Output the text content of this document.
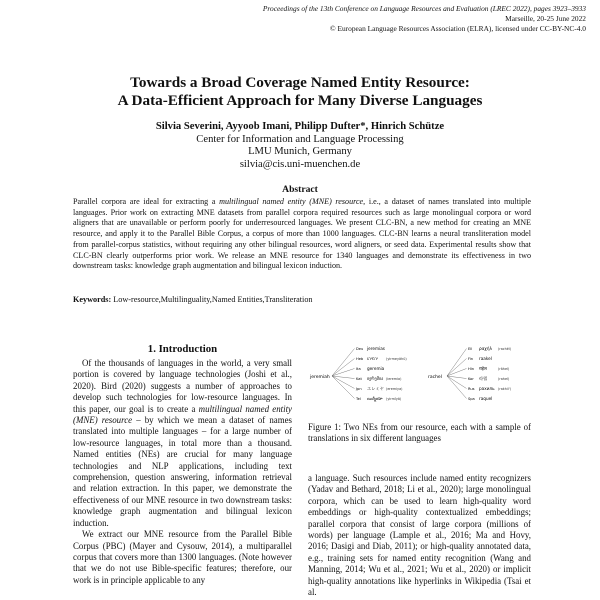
Proceedings of the 13th Conference on Language Resources and Evaluation (LREC 2022), pages 3923–3933
Marseille, 20-25 June 2022
© European Language Resources Association (ELRA), licensed under CC-BY-NC-4.0
Towards a Broad Coverage Named Entity Resource:
A Data-Efficient Approach for Many Diverse Languages
Silvia Severini, Ayyoob Imani, Philipp Dufter*, Hinrich Schütze
Center for Information and Language Processing
LMU Munich, Germany
silvia@cis.uni-muenchen.de
Abstract
Parallel corpora are ideal for extracting a multilingual named entity (MNE) resource, i.e., a dataset of names translated into multiple languages. Prior work on extracting MNE datasets from parallel corpora required resources such as large monolingual corpora or word aligners that are unavailable or perform poorly for underresourced languages. We present CLC-BN, a new method for creating an MNE resource, and apply it to the Parallel Bible Corpus, a corpus of more than 1000 languages. CLC-BN learns a neural transliteration model from parallel-corpus statistics, without requiring any other bilingual resources, word aligners, or seed data. Experimental results show that CLC-BN clearly outperforms prior work. We release an MNE resource for 1340 languages and demonstrate its effectiveness in two downstream tasks: knowledge graph augmentation and bilingual lexicon induction.
Keywords: Low-resource,Multilinguality,Named Entities,Transliteration
1. Introduction
Of the thousands of languages in the world, a very small portion is covered by language technologies (Joshi et al., 2020). Bird (2020) suggests a number of approaches to develop such technologies for low-resource languages. In this paper, our goal is to create a multilingual named entity (MNE) resource – by which we mean a dataset of names translated into multiple languages – for a large number of low-resource languages, in total more than a thousand. Named entities (NEs) are crucial for many language technologies and NLP applications, including text comprehension, question answering, information retrieval and relation extraction. In this paper, we demonstrate the effectiveness of our MNE resource in two downstream tasks: knowledge graph augmentation and bilingual lexicon induction.
We extract our MNE resource from the Parallel Bible Corpus (PBC) (Mayer and Cysouw, 2014), a multiparallel corpus that covers more than 1300 languages. (Note however that we do not use Bible-specific features; therefore, our work is in principle applicable to any
jeremiah
Deu jeremias
Heb ירמיהו (yirmeyāhū)
Ita geremia
Kat იერემია (ieremia)
Jpn エレミヤ (eremiya)
Tel యిర్మీయా (yirmīyā)
rachel
Ell ραχήλ (rachēl)
Fin raakel
Hin राहेल	(rāhel)
Kor 라헬	(rahel)
Rus рахиль (rakhil')
Spa raquel
Figure 1: Two NEs from our resource, each with a sample of translations in six different languages
a language. Such resources include named entity recognizers (Yadav and Bethard, 2018; Li et al., 2020); large monolingual corpora, which can be used to learn high-quality word embeddings or high-quality contextualized embeddings; parallel corpora that consist of large corpora (millions of words) per language (Lample et al., 2016; Ma and Hovy, 2016; Dasigi and Diab, 2011); or high-quality annotated data, e.g., training sets for named entity recognition (Wang and Manning, 2014; Wu et al., 2021; Wu et al., 2020) or implicit high-quality annotations like hyperlinks in Wikipedia (Tsai et al.
